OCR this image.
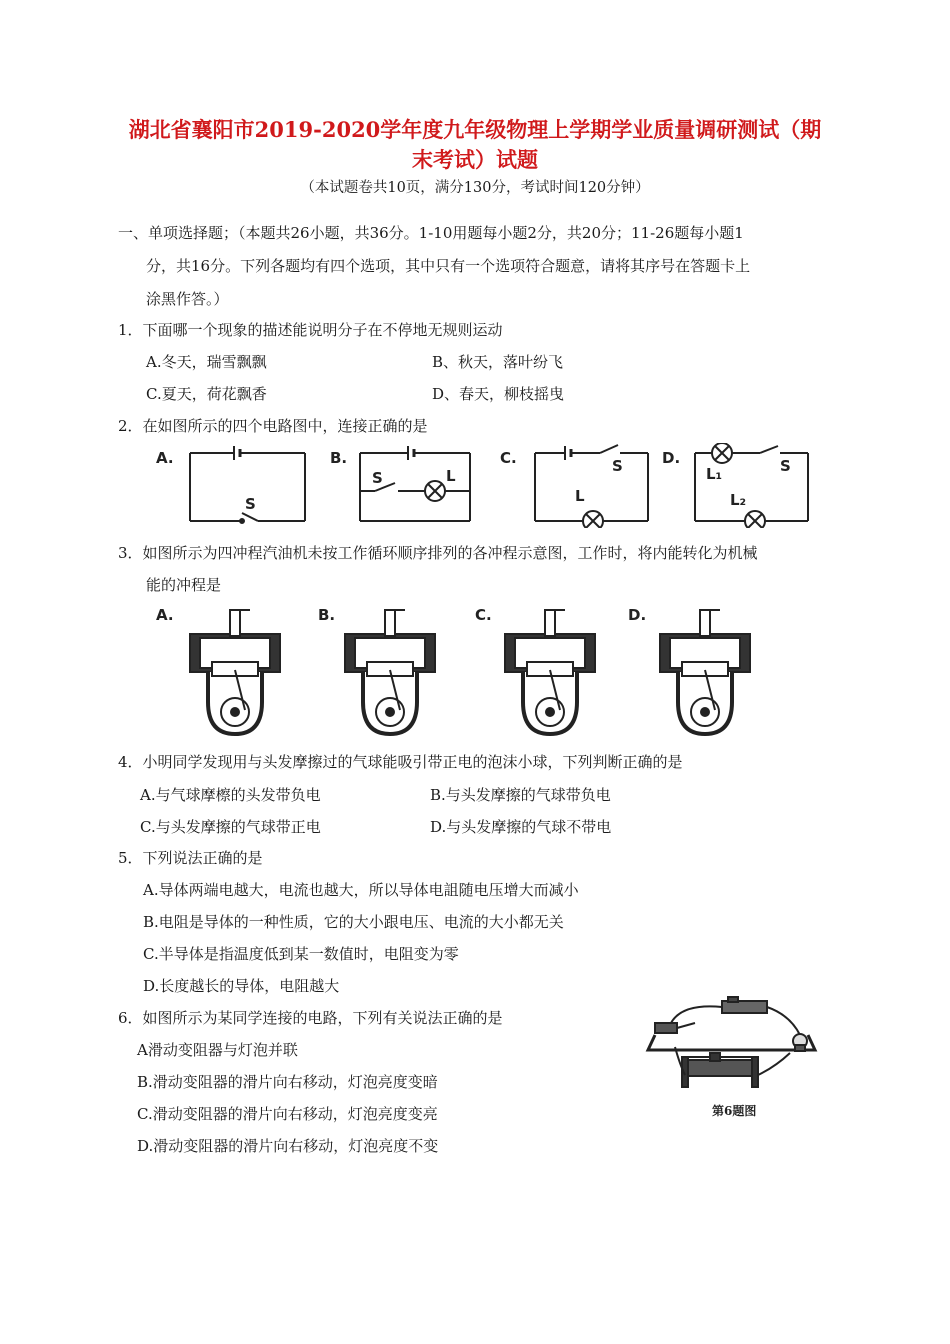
湖北省襄阳市2019-2020学年度九年级物理上学期学业质量调研测试（期
末考试）试题
（本试题卷共10页，满分130分，考试时间120分钟）
一、单项选择题；（本题共26小题，共36分。1-10用题每小题2分，共20分；11-26题每小题1
分，共16分。下列各题均有四个选项，其中只有一个选项符合题意，请将其序号在答题卡上
涂黑作答。）
1．下面哪一个现象的描述能说明分子在不停地无规则运动
A.冬天，瑞雪飘飘	B、秋天，落叶纷飞
C.夏天，荷花飘香	D、春天，柳枝摇曳
2．在如图所示的四个电路图中，连接正确的是
A.
S
B.
S	L
C.	S
L
D.
L₁	S
L₂
3．如图所示为四冲程汽油机未按工作循环顺序排列的各冲程示意图，工作时，将内能转化为机械
能的冲程是
A.	B.	C.	D.
4．小明同学发现用与头发摩擦过的气球能吸引带正电的泡沫小球，下列判断正确的是
A.与气球摩檫的头发带负电	B.与头发摩擦的气球带负电
C.与头发摩擦的气球带正电	D.与头发摩擦的气球不带电
5．下列说法正确的是
A.导体两端电越大，电流也越大，所以导体电詛随电压增大而减小
B.电阻是导体的一种性质，它的大小跟电压、电流的大小都无关
C.半导体是指温度低到某一数值时，电阻变为零
D.长度越长的导体，电阻越大
6．如图所示为某同学连接的电路，下列有关说法正确的是
A滑动变阻器与灯泡并联
B.滑动变阻器的滑片向右移动，灯泡亮度变暗
C.滑动变阻器的滑片向右移动，灯泡亮度变亮
D.滑动变阻器的滑片向右移动，灯泡亮度不变
第6题图
